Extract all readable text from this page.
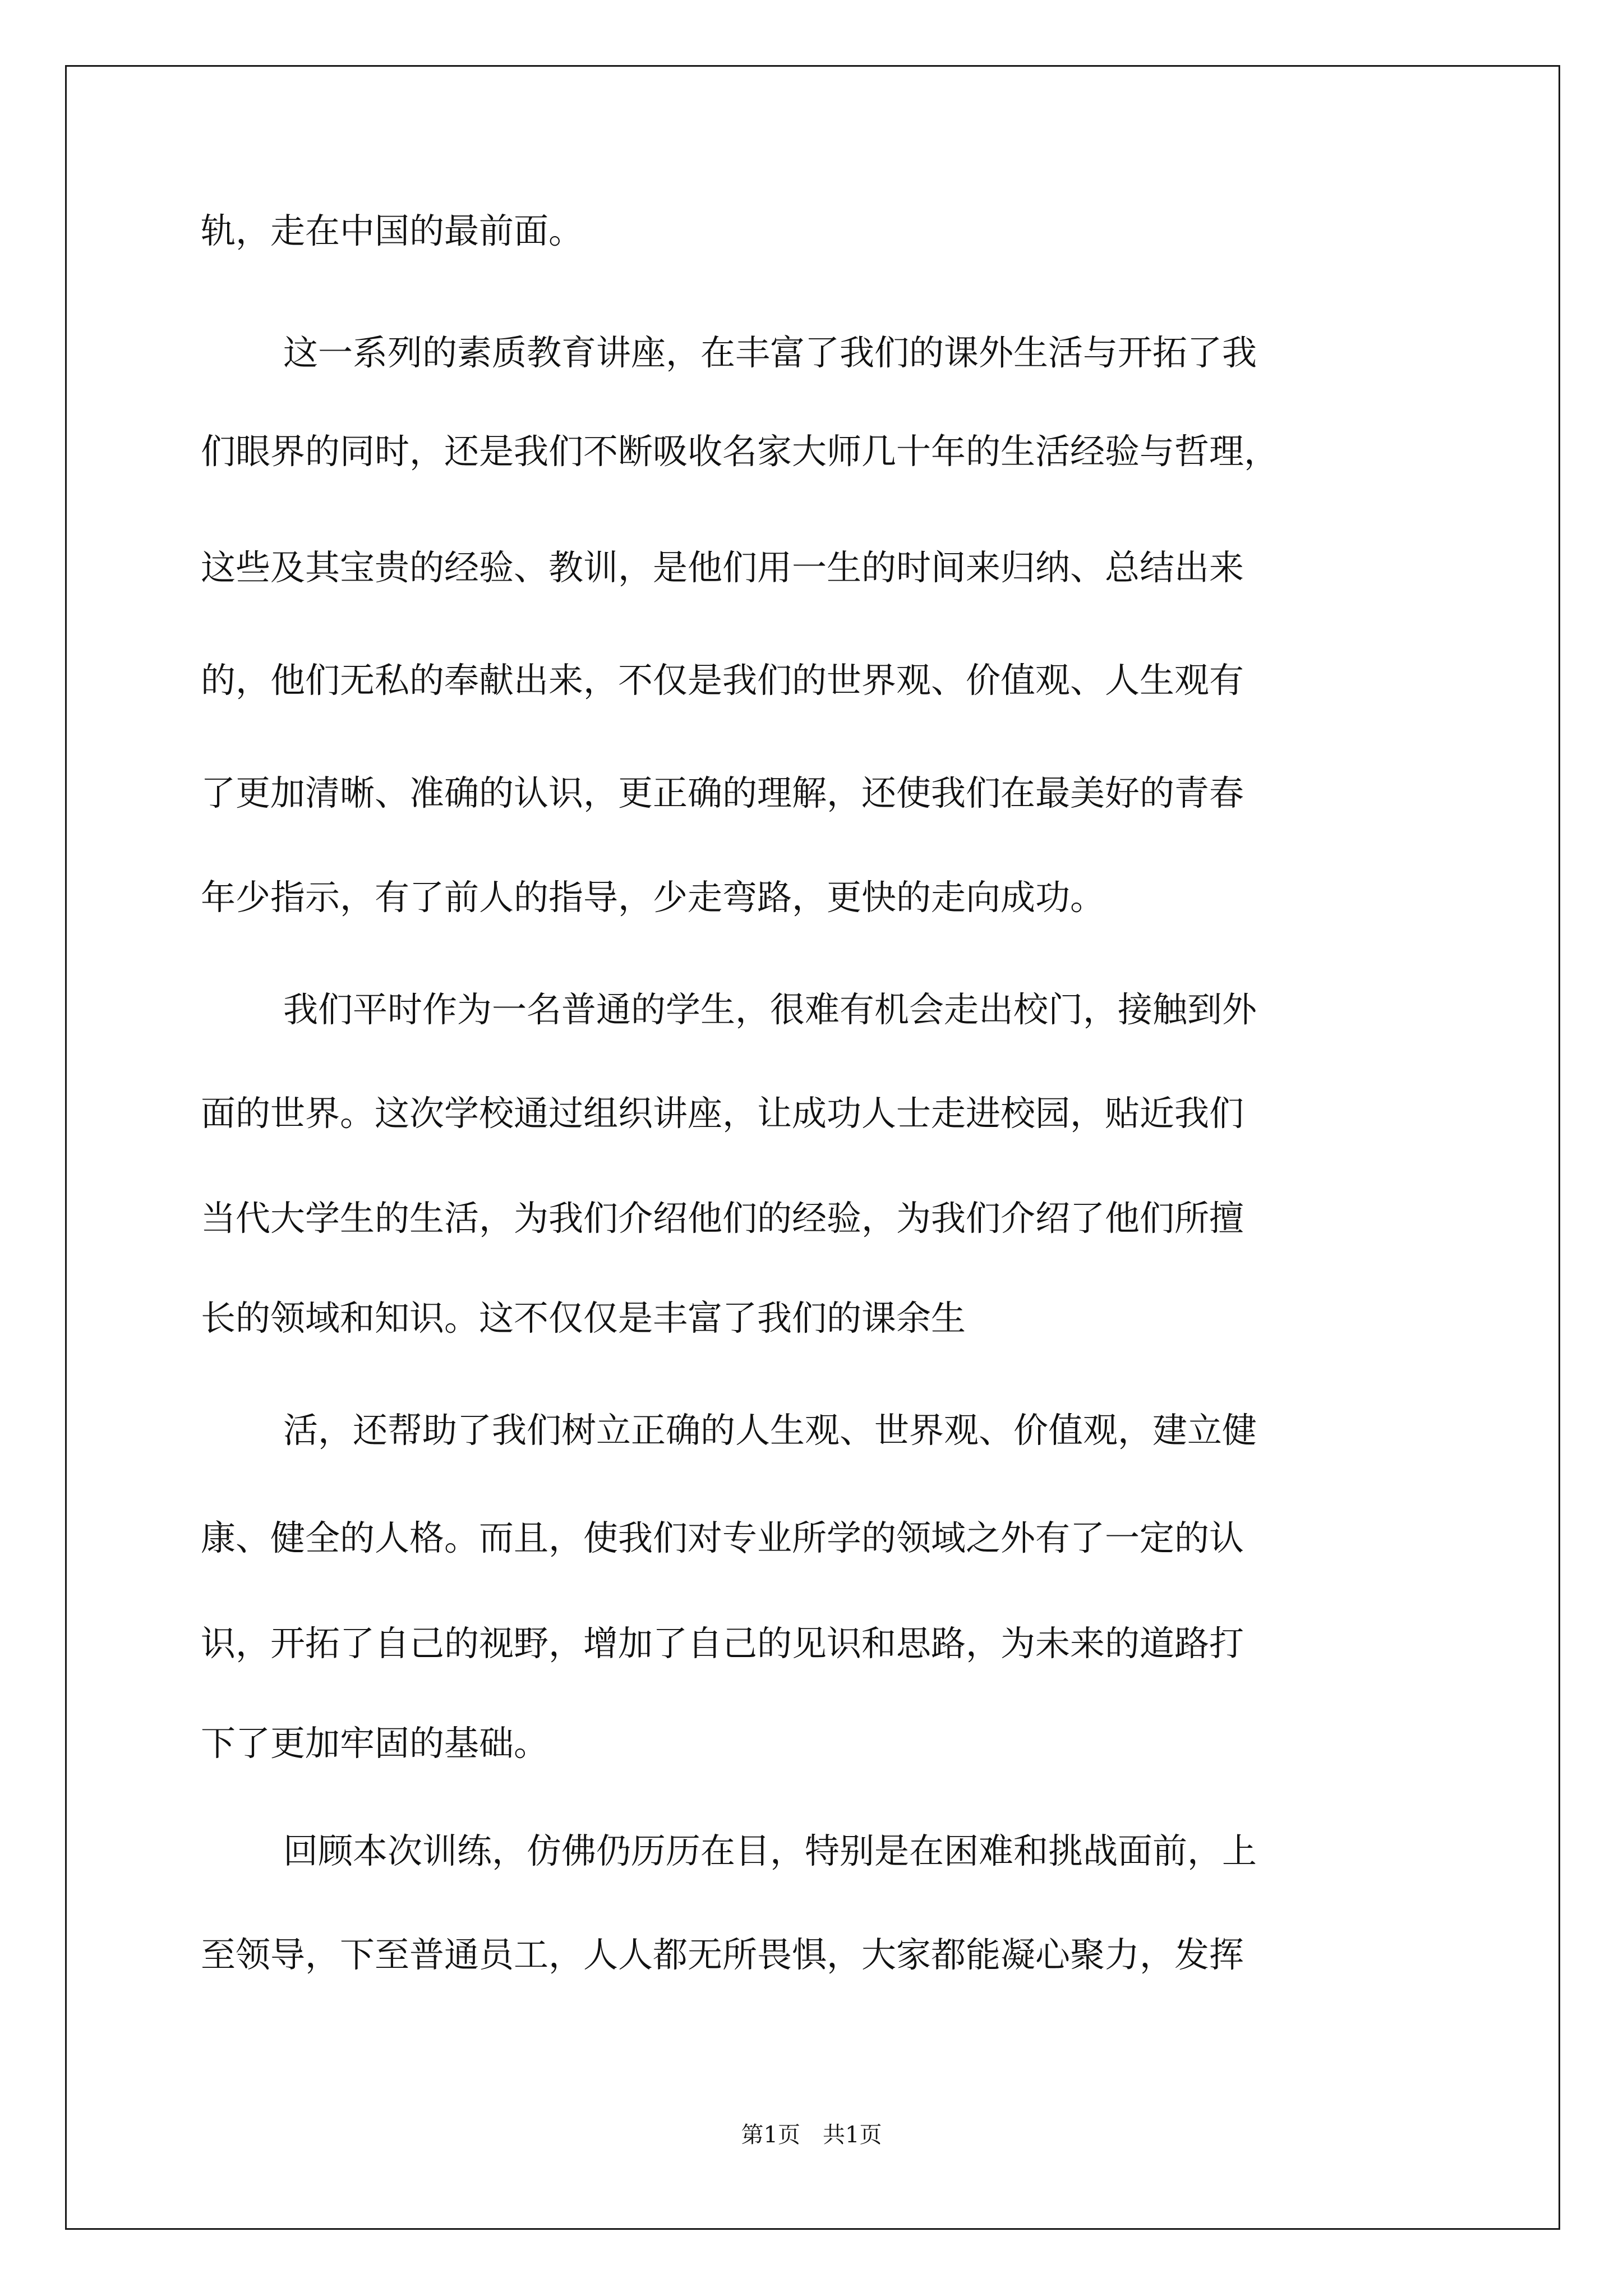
轨，走在中国的最前面。

这一系列的素质教育讲座，在丰富了我们的课外生活与开拓了我

们眼界的同时，还是我们不断吸收名家大师几十年的生活经验与哲理，

这些及其宝贵的经验、教训，是他们用一生的时间来归纳、总结出来

的，他们无私的奉献出来，不仅是我们的世界观、价值观、人生观有

了更加清晰、准确的认识，更正确的理解，还使我们在最美好的青春

年少指示，有了前人的指导，少走弯路，更快的走向成功。

我们平时作为一名普通的学生，很难有机会走出校门，接触到外

面的世界。这次学校通过组织讲座，让成功人士走进校园，贴近我们

当代大学生的生活，为我们介绍他们的经验，为我们介绍了他们所擅

长的领域和知识。这不仅仅是丰富了我们的课余生

活，还帮助了我们树立正确的人生观、世界观、价值观，建立健

康、健全的人格。而且，使我们对专业所学的领域之外有了一定的认

识，开拓了自己的视野，增加了自己的见识和思路，为未来的道路打

下了更加牢固的基础。

回顾本次训练，仿佛仍历历在目，特别是在困难和挑战面前，上

至领导，下至普通员工，人人都无所畏惧，大家都能凝心聚力，发挥

第1页 共1页
